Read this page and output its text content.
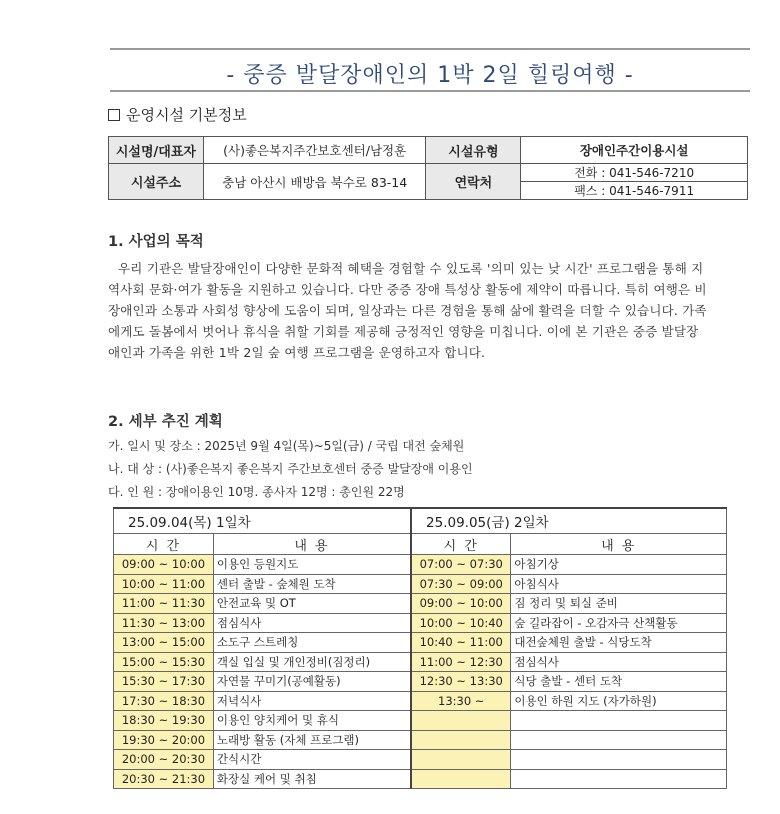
- 중증 발달장애인의 1박 2일 힐링여행 -
운영시설 기본정보
시설명/대표자	(사)좋은복지주간보호센터/남정훈	시설유형	장애인주간이용시설
시설주소	충남 아산시 배방읍 북수로 83-14	연락처	전화 : 041-546-7210
			팩스 : 041-546-7911
1. 사업의 목적
우리 기관은 발달장애인이 다양한 문화적 혜택을 경험할 수 있도록 '의미 있는 낮 시간' 프로그램을 통해 지역사회 문화·여가 활동을 지원하고 있습니다. 다만 중증 장애 특성상 활동에 제약이 따릅니다. 특히 여행은 비장애인과 소통과 사회성 향상에 도움이 되며, 일상과는 다른 경험을 통해 삶에 활력을 더할 수 있습니다. 가족에게도 돌봄에서 벗어나 휴식을 취할 기회를 제공해 긍정적인 영향을 미칩니다. 이에 본 기관은 중증 발달장애인과 가족을 위한 1박 2일 숲 여행 프로그램을 운영하고자 합니다.
2. 세부 추진 계획
가. 일시 및 장소 : 2025년 9월 4일(목)~5일(금) / 국립 대전 숲체원
나. 대 상 : (사)좋은복지 좋은복지 주간보호센터 중증 발달장애 이용인
다. 인 원 : 장애이용인 10명. 종사자 12명 : 총인원 22명
25.09.04(목) 1일차		25.09.05(금) 2일차	
시 간	내 용	시 간	내 용
09:00 ~ 10:00	이용인 등원지도	07:00 ~ 07:30	아침기상
10:00 ~ 11:00	센터 출발 - 숲체원 도착	07:30 ~ 09:00	아침식사
11:00 ~ 11:30	안전교육 및 OT	09:00 ~ 10:00	짐 정리 및 퇴실 준비
11:30 ~ 13:00	점심식사	10:00 ~ 10:40	숲 길라잡이 - 오감자극 산책활동
13:00 ~ 15:00	소도구 스트레칭	10:40 ~ 11:00	대전숲체원 출발 - 식당도착
15:00 ~ 15:30	객실 입실 및 개인정비(짐정리)	11:00 ~ 12:30	점심식사
15:30 ~ 17:30	자연물 꾸미기(공예활동)	12:30 ~ 13:30	식당 출발 - 센터 도착
17:30 ~ 18:30	저녁식사	13:30 ~	이용인 하원 지도 (자가하원)
18:30 ~ 19:30	이용인 양치케어 및 휴식		
19:30 ~ 20:00	노래방 활동 (자체 프로그램)		
20:00 ~ 20:30	간식시간		
20:30 ~ 21:30	화장실 케어 및 취침		
